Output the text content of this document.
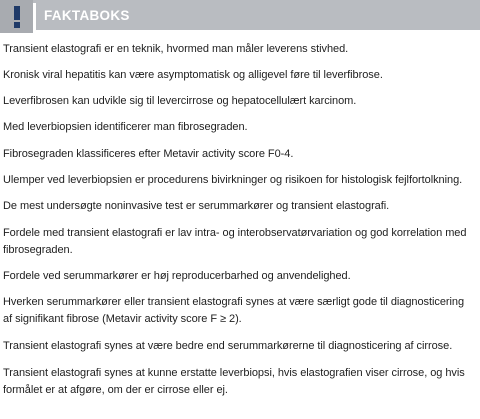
FAKTABOKS
Transient elastografi er en teknik, hvormed man måler leverens stivhed.
Kronisk viral hepatitis kan være asymptomatisk og alligevel føre til leverfibrose.
Leverfibrosen kan udvikle sig til levercirrose og hepatocellulært karcinom.
Med leverbiopsien identificerer man fibrosegraden.
Fibrosegraden klassificeres efter Metavir activity score F0-4.
Ulemper ved leverbiopsien er procedurens bivirkninger og risikoen for histologisk fejlfortolkning.
De mest undersøgte noninvasive test er serummarkører og transient elastografi.
Fordele med transient elastografi er lav intra- og interobservatørvariation og god korrelation med fibrosegraden.
Fordele ved serummarkører er høj reproducerbarhed og anvendelighed.
Hverken serummarkører eller transient elastografi synes at være særligt gode til diagnosticering af signifikant fibrose (Metavir activity score F ≥ 2).
Transient elastografi synes at være bedre end serummarkørerne til diagnosticering af cirrose.
Transient elastografi synes at kunne erstatte leverbiopsi, hvis elastografien viser cirrose, og hvis formålet er at afgøre, om der er cirrose eller ej.
